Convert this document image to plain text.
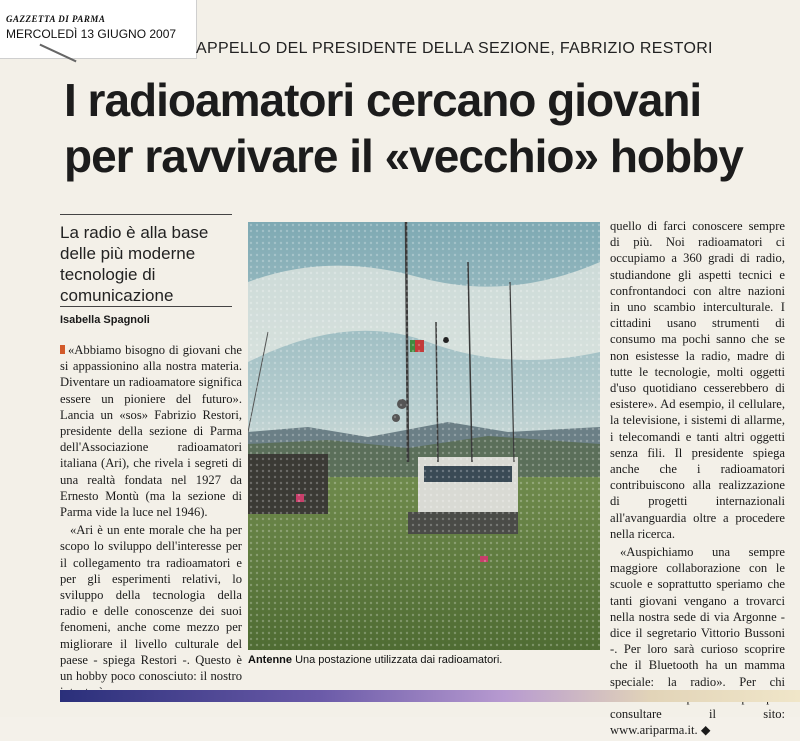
GAZZETTA DI PARMA
MERCOLEDÌ 13 GIUGNO 2007
APPELLO DEL PRESIDENTE DELLA SEZIONE, FABRIZIO RESTORI
I radioamatori cercano giovani
per ravvivare il «vecchio» hobby

La radio è alla base delle più moderne tecnologie di comunicazione

Isabella Spagnoli

«Abbiamo bisogno di giovani che si appassionino alla nostra materia. Diventare un radioamatore significa essere un pioniere del futuro». Lancia un «sos» Fabrizio Restori, presidente della sezione di Parma dell'Associazione radioamatori italiana (Ari), che rivela i segreti di una realtà fondata nel 1927 da Ernesto Montù (ma la sezione di Parma vide la luce nel 1946).

«Ari è un ente morale che ha per scopo lo sviluppo dell'interesse per il collegamento tra radioamatori e per gli esperimenti relativi, lo sviluppo della tecnologia della radio e delle conoscenze dei suoi fenomeni, anche come mezzo per migliorare il livello culturale del paese - spiega Restori -. Questo è un hobby poco conosciuto: il nostro

Antenne Una postazione utilizzata dai radioamatori.

quello di farci conoscere sempre di più. Noi radioamatori ci occupiamo a 360 gradi di radio, studiandone gli aspetti tecnici e confrontandoci con altre nazioni in uno scambio interculturale. I cittadini usano strumenti di consumo ma pochi sanno che se non esistesse la radio, madre di tutte le tecnologie, molti oggetti d'uso quotidiano cesserebbero di esistere». Ad esempio, il cellulare, la televisione, i sistemi di allarme, i telecomandi e tanti altri oggetti senza fili. Il presidente spiega anche che i radioamatori contribuiscono alla realizzazione di progetti internazionali all'avanguardia oltre a procedere nella ricerca.

«Auspichiamo una sempre maggiore collaborazione con le scuole e soprattutto speriamo che tanti giovani vengano a trovarci nella nostra sede di via Argonne - dice il segretario Vittorio Bussoni -. Per loro sarà curioso scoprire che il Bluetooth ha un mamma speciale: la radio». Per chi consultare il sito: www.ariparma.it. ◆
